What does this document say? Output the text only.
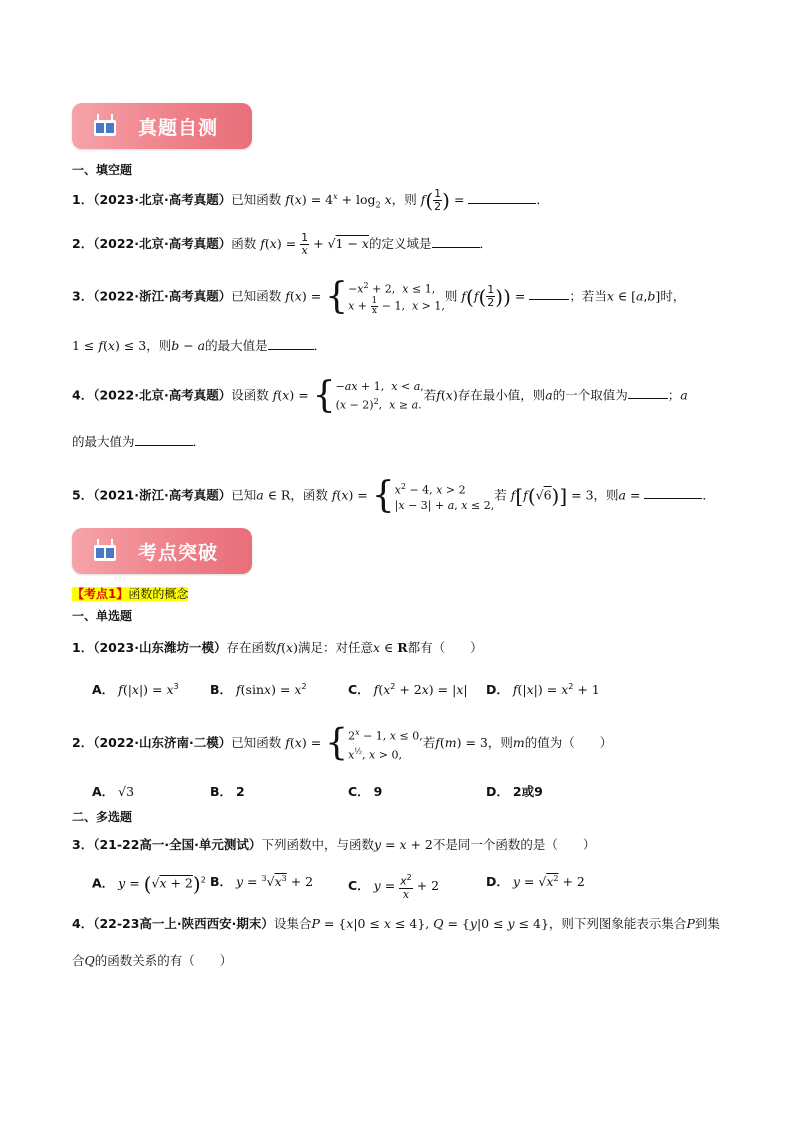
真题自测
一、填空题
1．（2023·北京·高考真题）已知函数 $f(x) = 4^x + \log_2 x$，则 $f( \frac{1}{2}$ ) =	．
2．（2022·北京·高考真题）函数 $f(x) = \frac{1}{x} + √1 - x$的定义域是	．
3．（2022·浙江·高考真题）已知函数 f(x) = { $-x^2 + 2$,  x ≤ 1,
$x + \frac{1}{x} - 1$,  x > 1,
则 $f(f( \frac{1}{2}$ )) =	；若当x ∈ [a,b]时，
1 ≤ f(x) ≤ 3，则b − a的最大值是	．
4．（2022·北京·高考真题）设函数 f(x) = { −ax + 1,  x < a,
$(x - 2)^2$,  x ≥ a.
若f(x)存在最小值，则a的一个取值为	；a
的最大值为	．
5．（2021·浙江·高考真题）已知a ∈ R，函数 f(x) = { $x^2 - 4$, x > 2
|x − 3| + a, x ≤ 2,
若 f[f(√6)] = 3，则a =	．
考点突破
【考点1】函数的概念
一、单选题
1．（2023·山东潍坊一模）存在函数f(x)满足：对任意x ∈ R都有（　　）
A． $f(|x|) = x^3$	B． $f(\sin x) = x^2$	C． $f(x^2 + 2x) = |x|$ D． $f(|x|) = x^2 + 1$
2．（2022·山东济南·二模）已知函数 f(x) = { $2^x - 1$, x ≤ 0,
$x^{\frac{1}{2}}$, x > 0,
若f(m) = 3，则m的值为（　　）
A． √3	B． 2	C． 9	D． 2或9
二、多选题
3．（21-22高一·全国·单元测试）下列函数中，与函数y = x + 2不是同一个函数的是（　　）
A． $y = (√x + 2)^2$ B． $y = ^3√x^3 + 2$	C． $y = \frac{x^2}{x} + 2$	D． $y = √x^2 + 2$
4．（22-23高一上·陕西西安·期末）设集合P = {x|0 ≤ x ≤ 4}, Q = {y|0 ≤ y ≤ 4}，则下列图象能表示集合P到集
合Q的函数关系的有（　　）
